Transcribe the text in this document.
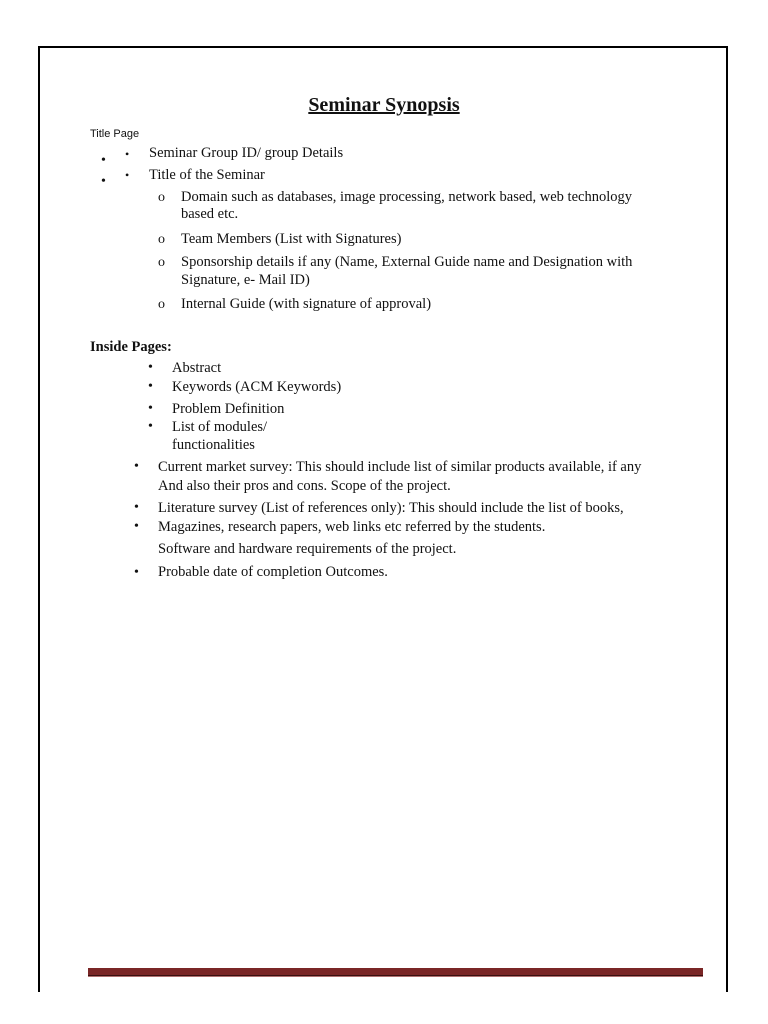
Seminar Synopsis
Title Page
• • Seminar Group ID/ group Details
• • Title of the Seminar
o Domain such as databases, image processing, network based, web technology
based etc.
o Team Members (List with Signatures)
o Sponsorship details if any (Name, External Guide name and Designation with
Signature, e- Mail ID)
o Internal Guide (with signature of approval)
Inside Pages:
• Abstract
• Keywords (ACM Keywords)
• Problem Definition
• List of modules/
functionalities
• Current market survey: This should include list of similar products available, if any
And also their pros and cons. Scope of the project.
• Literature survey (List of references only): This should include the list of books,
• Magazines, research papers, web links etc referred by the students.
Software and hardware requirements of the project.
• Probable date of completion Outcomes.
